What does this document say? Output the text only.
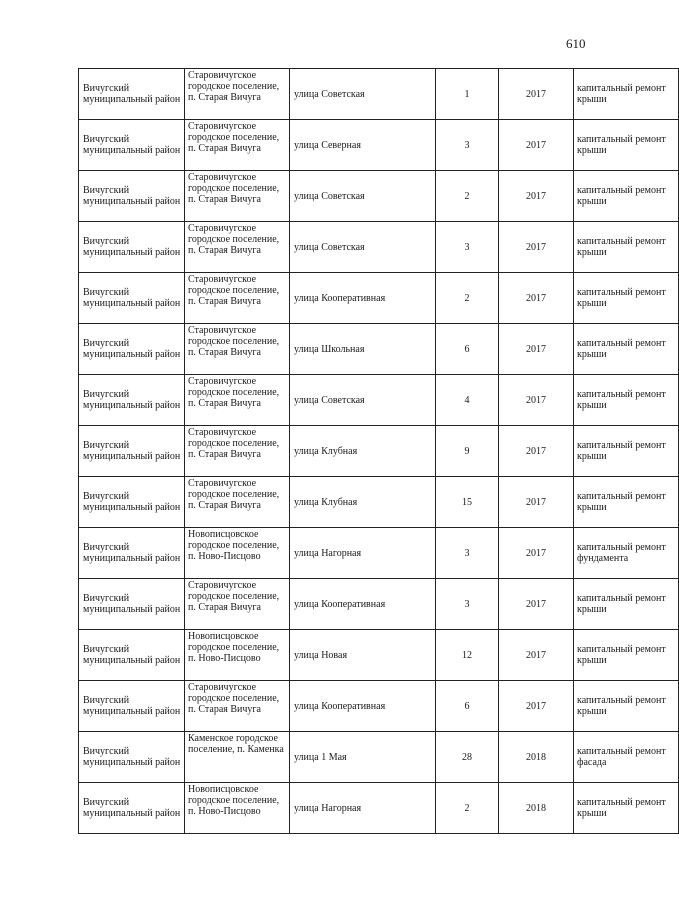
610
Вичугский муниципальный район	Старовичугское городское поселение, п. Старая Вичуга	улица Советская	1	2017	капитальный ремонт крыши
Вичугский муниципальный район	Старовичугское городское поселение, п. Старая Вичуга	улица Северная	3	2017	капитальный ремонт крыши
Вичугский муниципальный район	Старовичугское городское поселение, п. Старая Вичуга	улица Советская	2	2017	капитальный ремонт крыши
Вичугский муниципальный район	Старовичугское городское поселение, п. Старая Вичуга	улица Советская	3	2017	капитальный ремонт крыши
Вичугский муниципальный район	Старовичугское городское поселение, п. Старая Вичуга	улица Кооперативная	2	2017	капитальный ремонт крыши
Вичугский муниципальный район	Старовичугское городское поселение, п. Старая Вичуга	улица Школьная	6	2017	капитальный ремонт крыши
Вичугский муниципальный район	Старовичугское городское поселение, п. Старая Вичуга	улица Советская	4	2017	капитальный ремонт крыши
Вичугский муниципальный район	Старовичугское городское поселение, п. Старая Вичуга	улица Клубная	9	2017	капитальный ремонт крыши
Вичугский муниципальный район	Старовичугское городское поселение, п. Старая Вичуга	улица Клубная	15	2017	капитальный ремонт крыши
Вичугский муниципальный район	Новописцовское городское поселение, п. Ново-Писцово	улица Нагорная	3	2017	капитальный ремонт фундамента
Вичугский муниципальный район	Старовичугское городское поселение, п. Старая Вичуга	улица Кооперативная	3	2017	капитальный ремонт крыши
Вичугский муниципальный район	Новописцовское городское поселение, п. Ново-Писцово	улица Новая	12	2017	капитальный ремонт крыши
Вичугский муниципальный район	Старовичугское городское поселение, п. Старая Вичуга	улица Кооперативная	6	2017	капитальный ремонт крыши
Вичугский муниципальный район	Каменское городское поселение, п. Каменка	улица 1 Мая	28	2018	капитальный ремонт фасада
Вичугский муниципальный район	Новописцовское городское поселение, п. Ново-Писцово	улица Нагорная	2	2018	капитальный ремонт крыши
